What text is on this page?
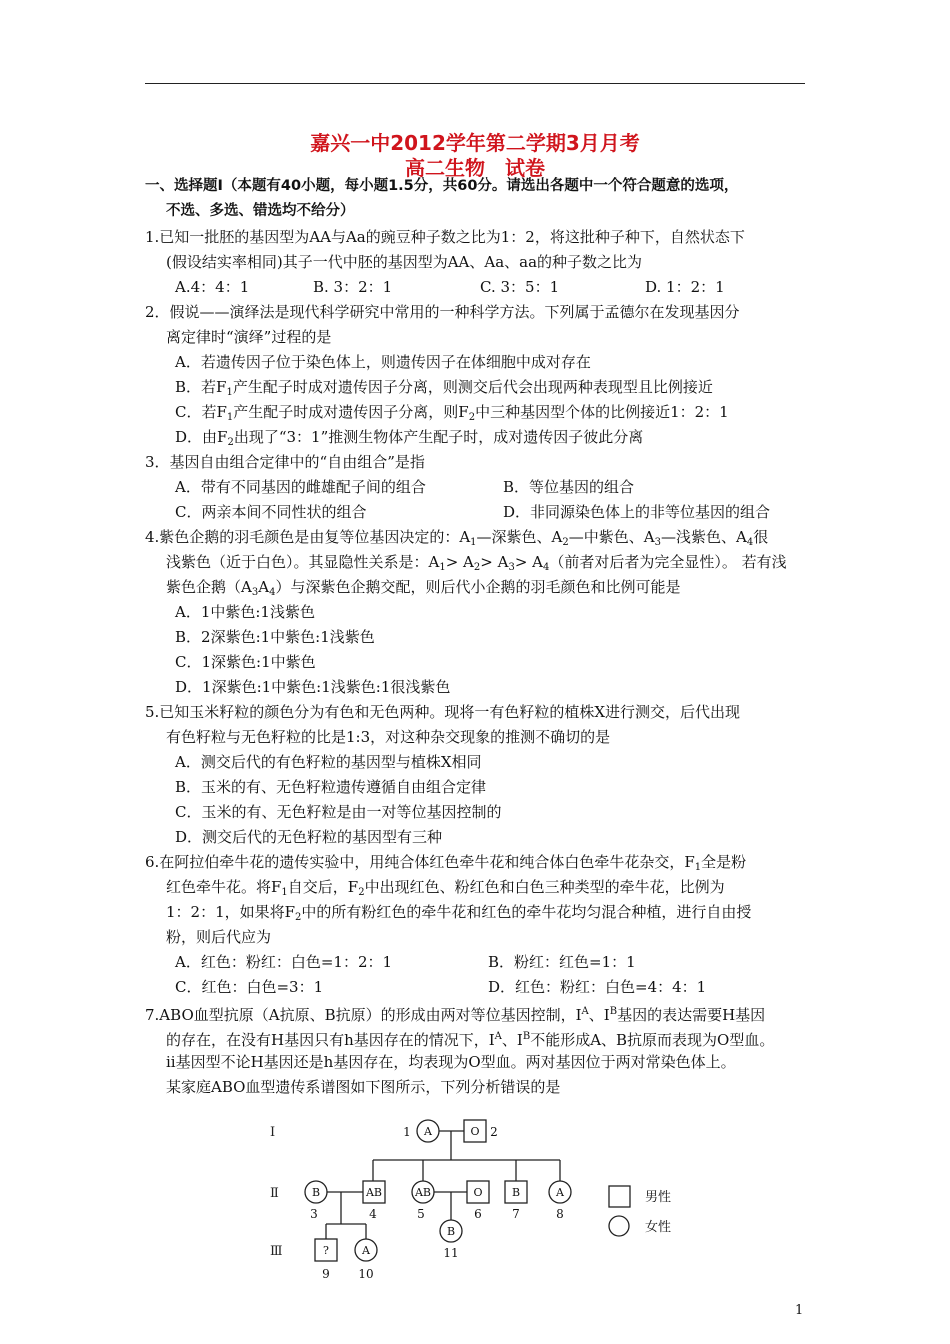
嘉兴一中2012学年第二学期3月月考
高二生物　试卷
一、选择题Ⅰ（本题有40小题，每小题1.5分，共60分。请选出各题中一个符合题意的选项，
不选、多选、错选均不给分）
1.已知一批胚的基因型为AA与Aa的豌豆种子数之比为1：2，将这批种子种下，自然状态下
(假设结实率相同)其子一代中胚的基因型为AA、Aa、aa的种子数之比为
A.4：4：1	B. 3：2：1	C. 3：5：1	D. 1：2：1
2．假说——演绎法是现代科学研究中常用的一种科学方法。下列属于孟德尔在发现基因分
离定律时“演绎”过程的是
A．若遗传因子位于染色体上，则遗传因子在体细胞中成对存在
B．若$F_1$产生配子时成对遗传因子分离，则测交后代会出现两种表现型且比例接近
C．若$F_1$产生配子时成对遗传因子分离，则$F_2$中三种基因型个体的比例接近1：2：1
D．由$F_2$出现了“3：1”推测生物体产生配子时，成对遗传因子彼此分离
3．基因自由组合定律中的“自由组合”是指
A．带有不同基因的雌雄配子间的组合	B．等位基因的组合
C．两亲本间不同性状的组合	D．非同源染色体上的非等位基因的组合
4.紫色企鹅的羽毛颜色是由复等位基因决定的：$A_1—$深紫色、$A_2—$中紫色、$A_3—$浅紫色、$A_4$很
浅紫色（近于白色）。其显隐性关系是：$A_1> A_2> A_3> A_4$（前者对后者为完全显性）。 若有浅
紫色企鹅$(A_3A_4)$与深紫色企鹅交配，则后代小企鹅的羽毛颜色和比例可能是
A．1中紫色:1浅紫色
B．2深紫色:1中紫色:1浅紫色
C．1深紫色:1中紫色
D．1深紫色:1中紫色:1浅紫色:1很浅紫色
5.已知玉米籽粒的颜色分为有色和无色两种。现将一有色籽粒的植株X进行测交，后代出现
有色籽粒与无色籽粒的比是1:3，对这种杂交现象的推测不确切的是
A．测交后代的有色籽粒的基因型与植株X相同
B．玉米的有、无色籽粒遗传遵循自由组合定律
C．玉米的有、无色籽粒是由一对等位基因控制的
D．测交后代的无色籽粒的基因型有三种
6.在阿拉伯牵牛花的遗传实验中，用纯合体红色牵牛花和纯合体白色牵牛花杂交，$F_1$全是粉
红色牵牛花。将$F_1$自交后，$F_2$中出现红色、粉红色和白色三种类型的牵牛花，比例为
1：2：1，如果将$F_2$中的所有粉红色的牵牛花和红色的牵牛花均匀混合种植，进行自由授
粉，则后代应为
A．红色：粉红：白色=1：2：1	B．粉红：红色=1：1
C．红色：白色=3：1	D．红色：粉红：白色=4：4：1
7.ABO血型抗原（A抗原、B抗原）的形成由两对等位基因控制，$I^A$、$I^B$基因的表达需要H基因
的存在，在没有H基因只有h基因存在的情况下，$I^A$、$I^B$不能形成A、B抗原而表现为O型血。
ii基因型不论H基因还是h基因存在，均表现为O型血。两对基因位于两对常染色体上。
某家庭ABO血型遗传系谱图如下图所示，下列分析错误的是
Ⅰ
Ⅱ
Ⅲ
A	O
B	AB	AB	O	B	A
?	A
B
1	2
3	4	5	6	7	8
9 10
11
男性
女性
1
